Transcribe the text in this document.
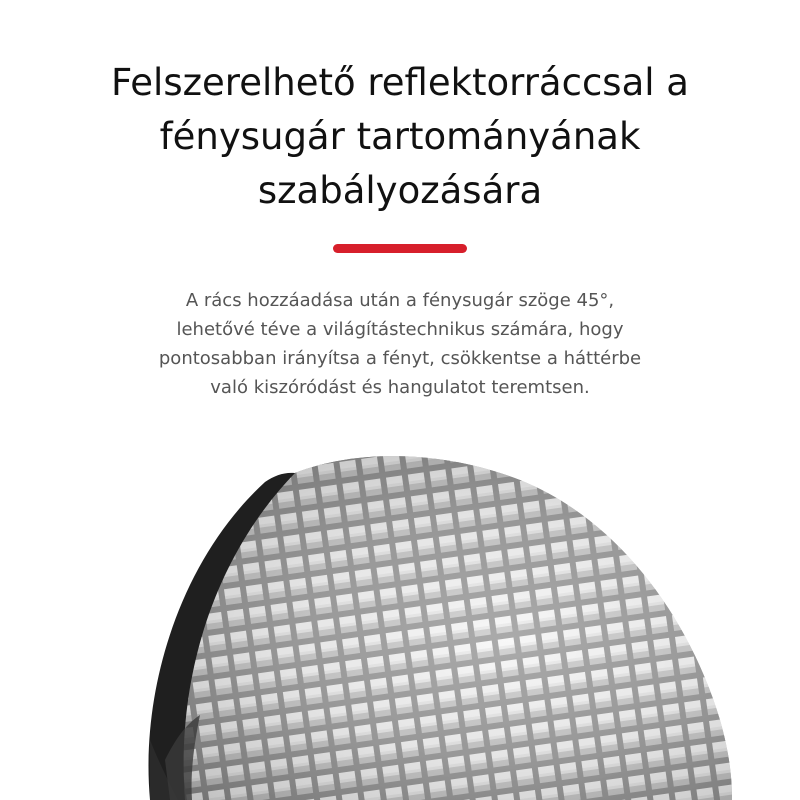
Felszerelhető reflektorráccsal a
fénysugár tartományának
szabályozására

A rács hozzáadása után a fénysugár szöge 45°,
lehetővé téve a világítástechnikus számára, hogy
pontosabban irányítsa a fényt, csökkentse a háttérbe
való kiszóródást és hangulatot teremtsen.
